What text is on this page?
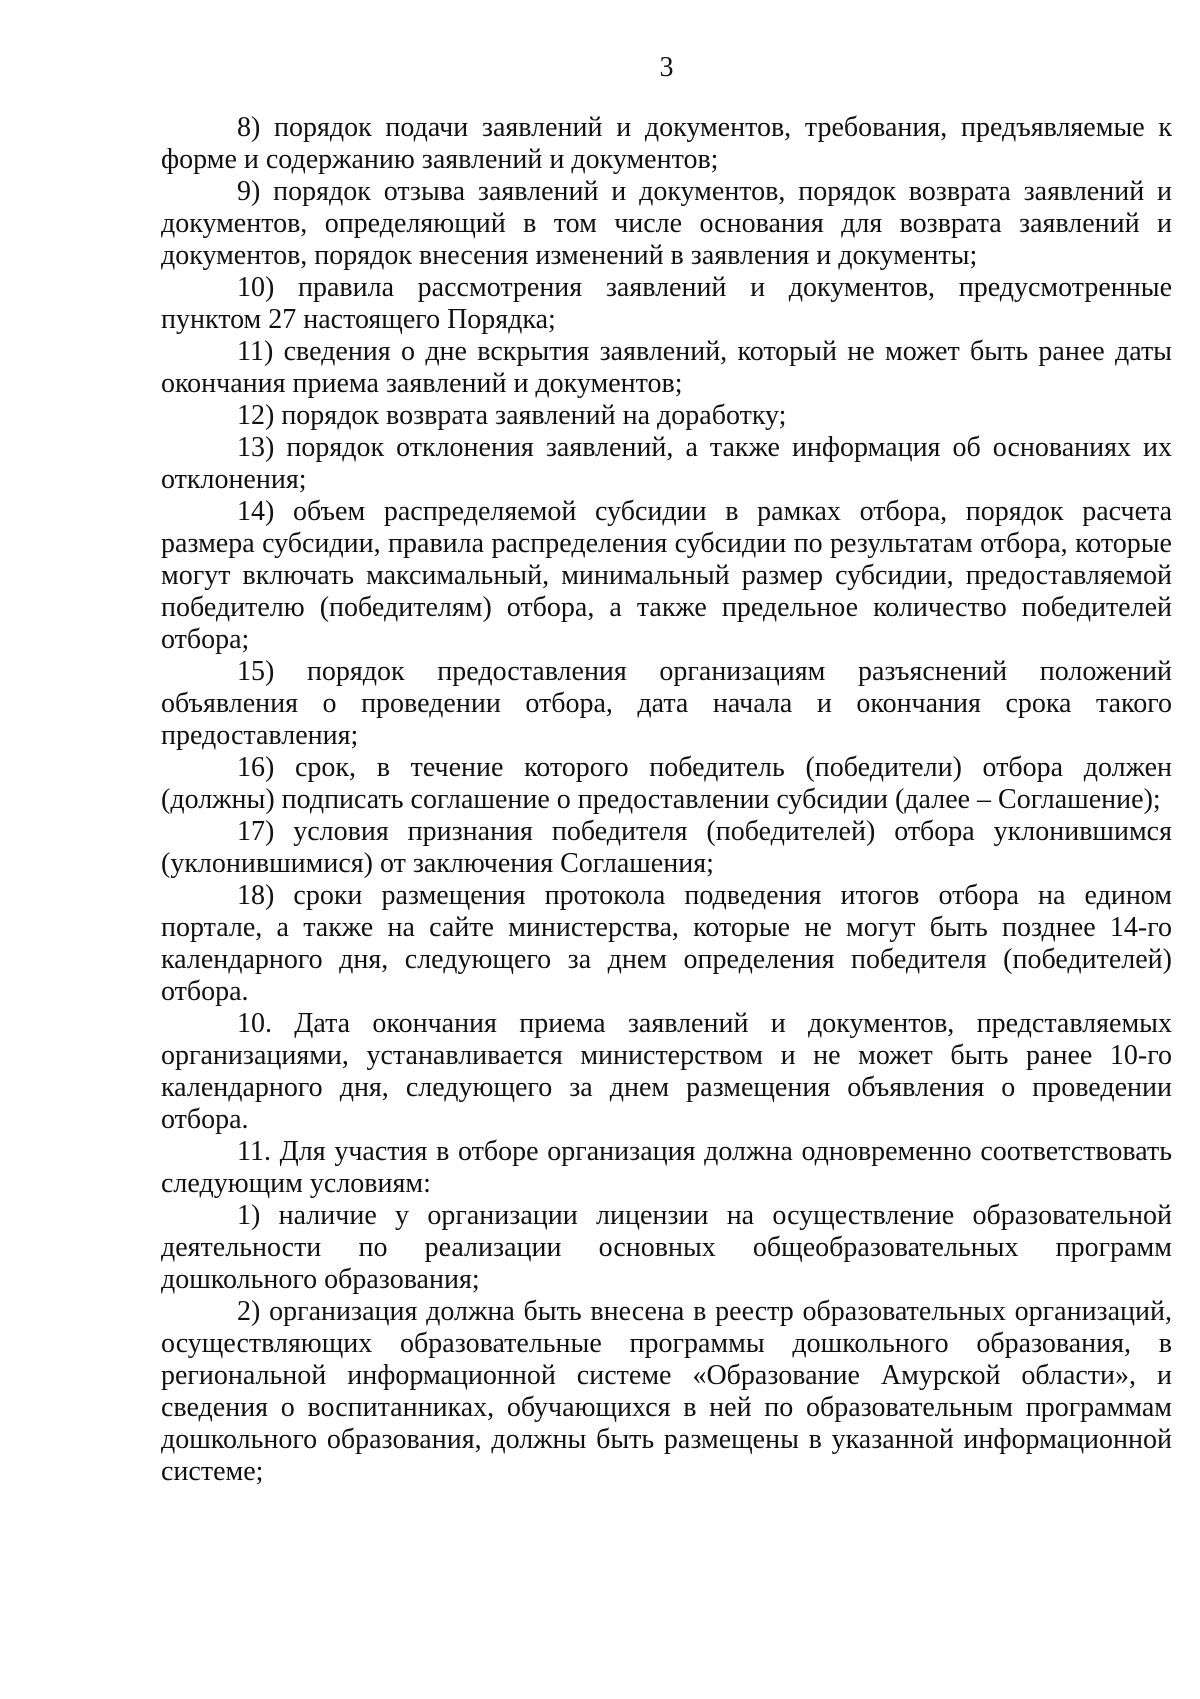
3

8) порядок подачи заявлений и документов, требования, предъявляемые к форме и содержанию заявлений и документов;

9) порядок отзыва заявлений и документов, порядок возврата заявлений и документов, определяющий в том числе основания для возврата заявлений и документов, порядок внесения изменений в заявления и документы;

10) правила рассмотрения заявлений и документов, предусмотренные пунктом 27 настоящего Порядка;

11) сведения о дне вскрытия заявлений, который не может быть ранее даты окончания приема заявлений и документов;

12) порядок возврата заявлений на доработку;

13) порядок отклонения заявлений, а также информация об основаниях их отклонения;

14) объем распределяемой субсидии в рамках отбора, порядок расчета размера субсидии, правила распределения субсидии по результатам отбора, которые могут включать максимальный, минимальный размер субсидии, предоставляемой победителю (победителям) отбора, а также предельное количество победителей отбора;

15) порядок предоставления организациям разъяснений положений объявления о проведении отбора, дата начала и окончания срока такого предоставления;

16) срок, в течение которого победитель (победители) отбора должен (должны) подписать соглашение о предоставлении субсидии (далее – Соглашение);

17) условия признания победителя (победителей) отбора уклонившимся (уклонившимися) от заключения Соглашения;

18) сроки размещения протокола подведения итогов отбора на едином портале, а также на сайте министерства, которые не могут быть позднее 14-го календарного дня, следующего за днем определения победителя (победителей) отбора.

10. Дата окончания приема заявлений и документов, представляемых организациями, устанавливается министерством и не может быть ранее 10-го календарного дня, следующего за днем размещения объявления о проведении отбора.

11. Для участия в отборе организация должна одновременно соответствовать следующим условиям:

1) наличие у организации лицензии на осуществление образовательной деятельности по реализации основных общеобразовательных программ дошкольного образования;

2) организация должна быть внесена в реестр образовательных организаций, осуществляющих образовательные программы дошкольного образования, в региональной информационной системе «Образование Амурской области», и сведения о воспитанниках, обучающихся в ней по образовательным программам дошкольного образования, должны быть размещены в указанной информационной системе;
